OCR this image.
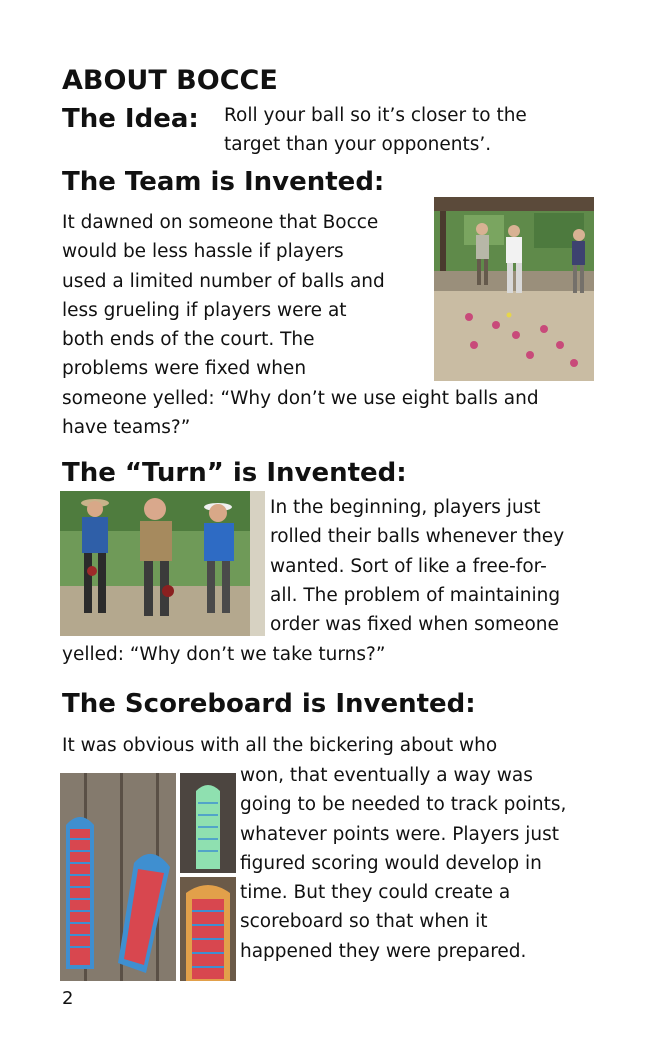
ABOUT BOCCE
The Idea: Roll your ball so it’s closer to the
target than your opponents’.
The Team is Invented:
It dawned on someone that Bocce
would be less hassle if players
used a limited number of balls and
less grueling if players were at
both ends of the court. The
problems were fixed when
someone yelled: “Why don’t we use eight balls and
have teams?”
The “Turn” is Invented:
In the beginning, players just
rolled their balls whenever they
wanted. Sort of like a free-for-
all. The problem of maintaining
order was fixed when someone
yelled: “Why don’t we take turns?”
The Scoreboard is Invented:
It was obvious with all the bickering about who
won, that eventually a way was
going to be needed to track points,
whatever points were. Players just
figured scoring would develop in
time. But they could create a
scoreboard so that when it
happened they were prepared.
2
